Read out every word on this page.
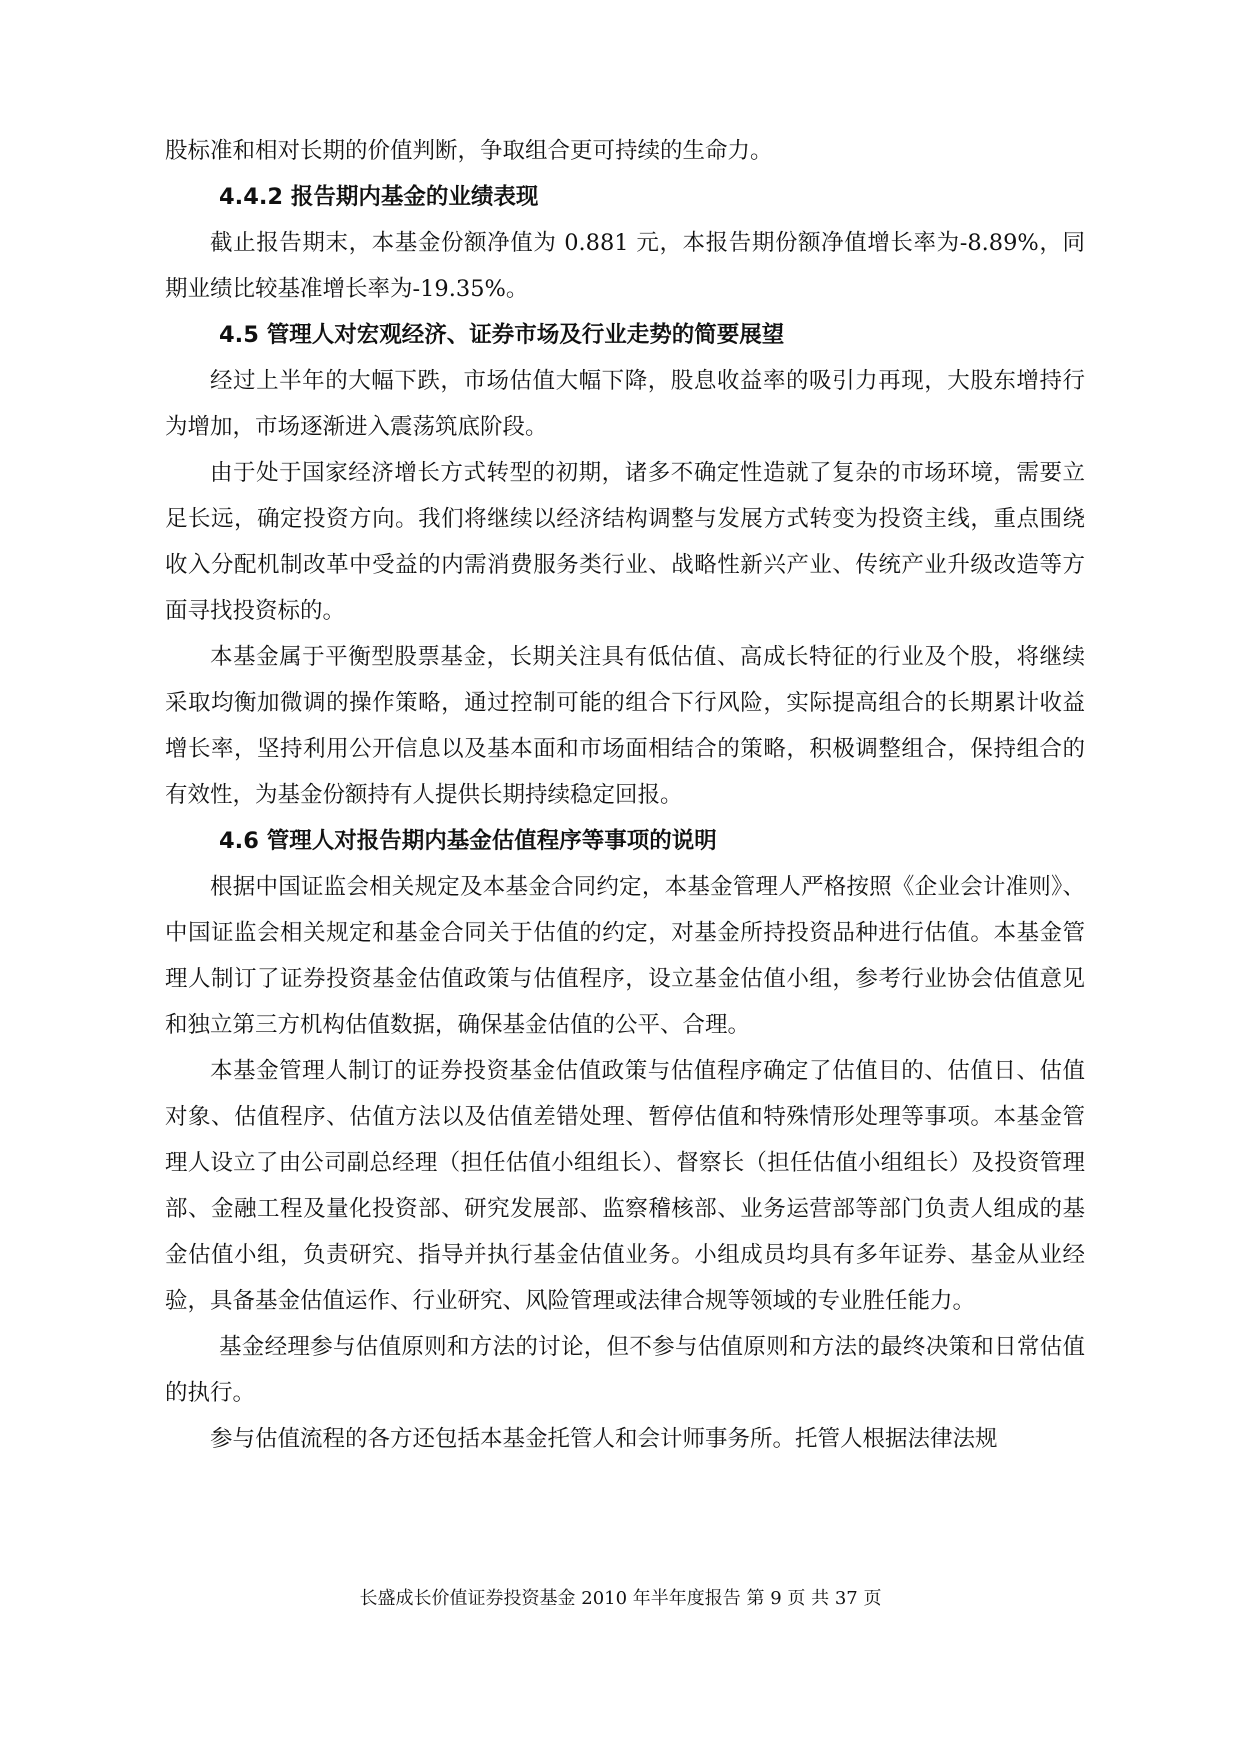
股标准和相对长期的价值判断，争取组合更可持续的生命力。

4.4.2 报告期内基金的业绩表现

截止报告期末，本基金份额净值为 0.881 元，本报告期份额净值增长率为-8.89%，同期业绩比较基准增长率为-19.35%。

4.5 管理人对宏观经济、证券市场及行业走势的简要展望

经过上半年的大幅下跌，市场估值大幅下降，股息收益率的吸引力再现，大股东增持行为增加，市场逐渐进入震荡筑底阶段。

由于处于国家经济增长方式转型的初期，诸多不确定性造就了复杂的市场环境，需要立足长远，确定投资方向。我们将继续以经济结构调整与发展方式转变为投资主线，重点围绕收入分配机制改革中受益的内需消费服务类行业、战略性新兴产业、传统产业升级改造等方面寻找投资标的。

本基金属于平衡型股票基金，长期关注具有低估值、高成长特征的行业及个股，将继续采取均衡加微调的操作策略，通过控制可能的组合下行风险，实际提高组合的长期累计收益增长率，坚持利用公开信息以及基本面和市场面相结合的策略，积极调整组合，保持组合的有效性，为基金份额持有人提供长期持续稳定回报。

4.6 管理人对报告期内基金估值程序等事项的说明

根据中国证监会相关规定及本基金合同约定，本基金管理人严格按照《企业会计准则》、中国证监会相关规定和基金合同关于估值的约定，对基金所持投资品种进行估值。本基金管理人制订了证券投资基金估值政策与估值程序，设立基金估值小组，参考行业协会估值意见和独立第三方机构估值数据，确保基金估值的公平、合理。

本基金管理人制订的证券投资基金估值政策与估值程序确定了估值目的、估值日、估值对象、估值程序、估值方法以及估值差错处理、暂停估值和特殊情形处理等事项。本基金管理人设立了由公司副总经理（担任估值小组组长）、督察长（担任估值小组组长）及投资管理部、金融工程及量化投资部、研究发展部、监察稽核部、业务运营部等部门负责人组成的基金估值小组，负责研究、指导并执行基金估值业务。小组成员均具有多年证券、基金从业经验，具备基金估值运作、行业研究、风险管理或法律合规等领域的专业胜任能力。

基金经理参与估值原则和方法的讨论，但不参与估值原则和方法的最终决策和日常估值的执行。

参与估值流程的各方还包括本基金托管人和会计师事务所。托管人根据法律法规

长盛成长价值证券投资基金 2010 年半年度报告 第 9 页 共 37 页
